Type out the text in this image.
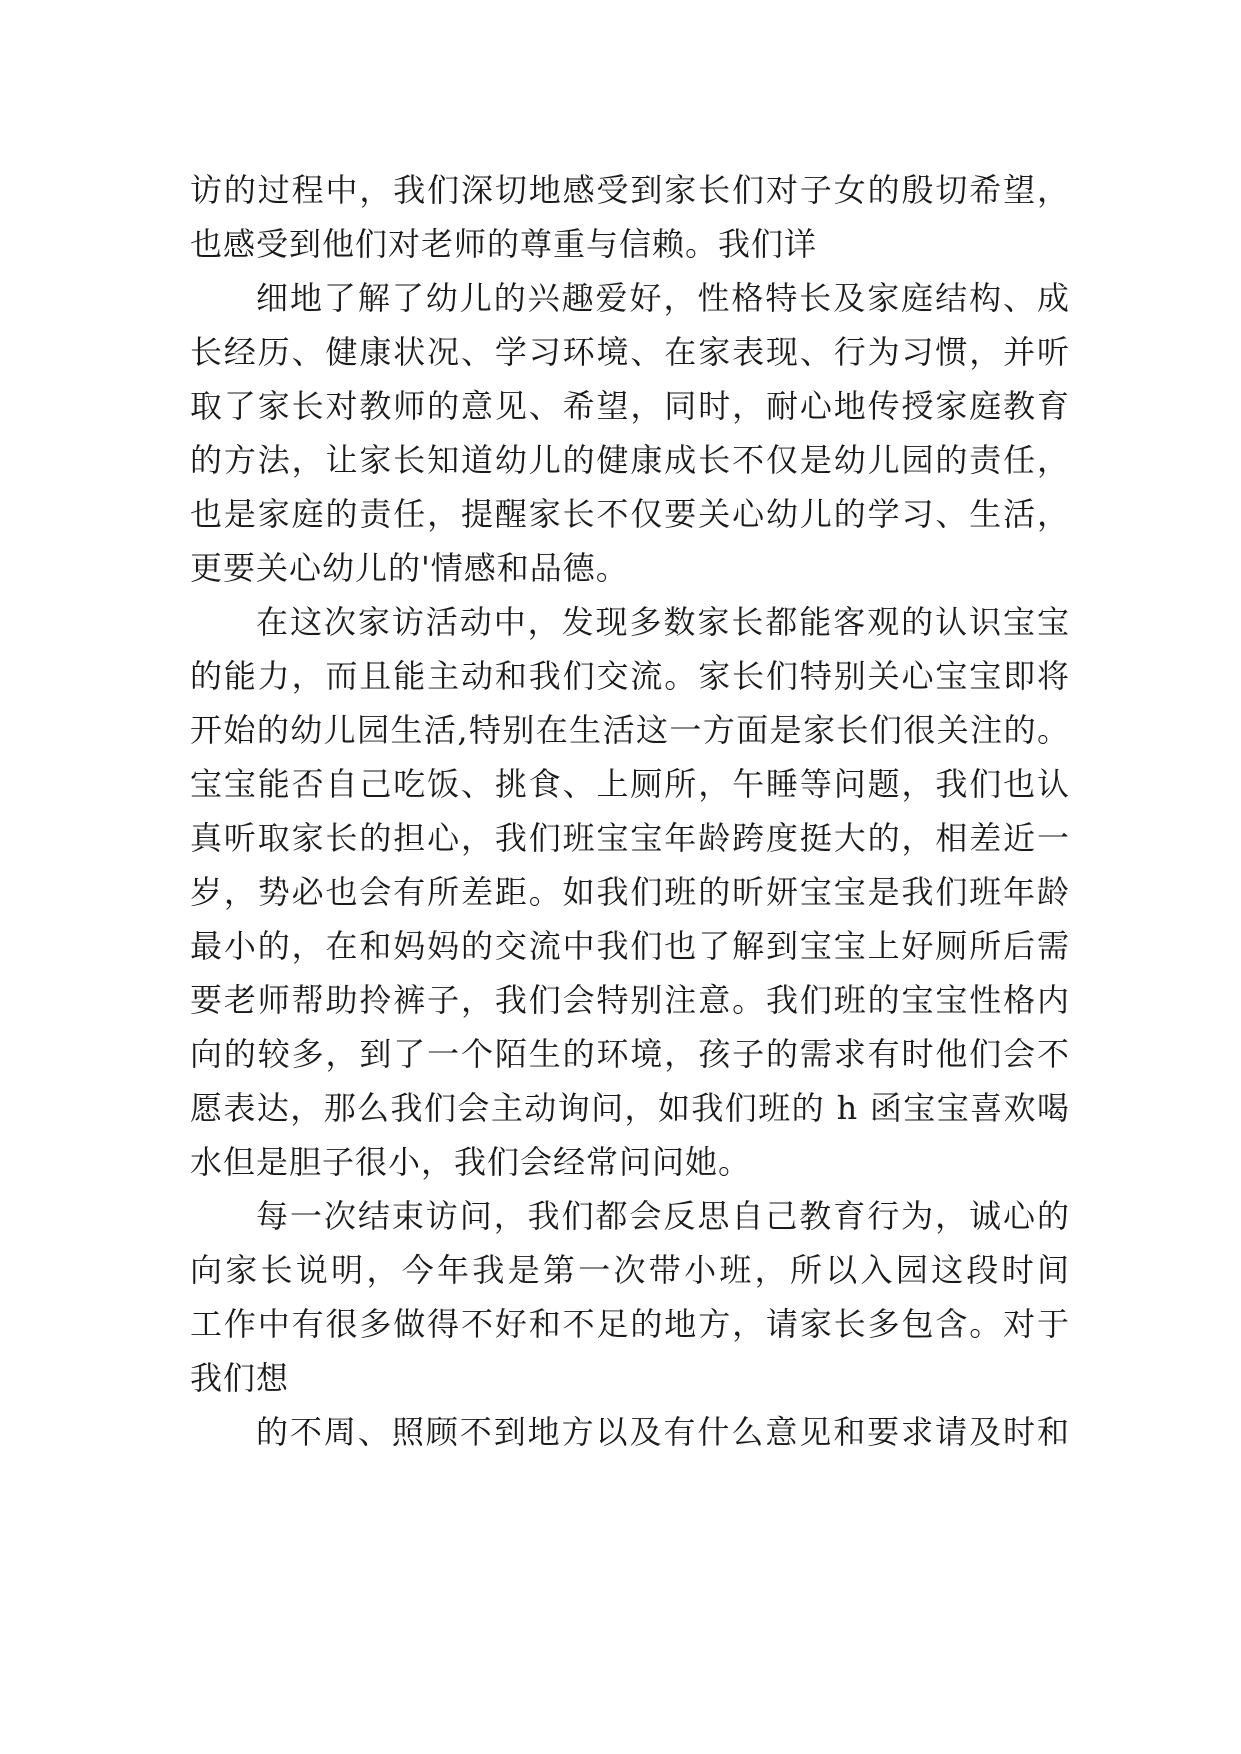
访的过程中，我们深切地感受到家长们对子女的殷切希望，
也感受到他们对老师的尊重与信赖。我们详
细地了解了幼儿的兴趣爱好，性格特长及家庭结构、成
长经历、健康状况、学习环境、在家表现、行为习惯，并听
取了家长对教师的意见、希望，同时，耐心地传授家庭教育
的方法，让家长知道幼儿的健康成长不仅是幼儿园的责任，
也是家庭的责任，提醒家长不仅要关心幼儿的学习、生活，
更要关心幼儿的'情感和品德。
在这次家访活动中，发现多数家长都能客观的认识宝宝
的能力，而且能主动和我们交流。家长们特别关心宝宝即将
开始的幼儿园生活,特别在生活这一方面是家长们很关注的。
宝宝能否自己吃饭、挑食、上厕所，午睡等问题，我们也认
真听取家长的担心，我们班宝宝年龄跨度挺大的，相差近一
岁，势必也会有所差距。如我们班的昕妍宝宝是我们班年龄
最小的，在和妈妈的交流中我们也了解到宝宝上好厕所后需
要老师帮助拎裤子，我们会特别注意。我们班的宝宝性格内
向的较多，到了一个陌生的环境，孩子的需求有时他们会不
愿表达，那么我们会主动询问，如我们班的 h 函宝宝喜欢喝
水但是胆子很小，我们会经常问问她。
每一次结束访问，我们都会反思自己教育行为，诚心的
向家长说明，今年我是第一次带小班，所以入园这段时间
工作中有很多做得不好和不足的地方，请家长多包含。对于
我们想
的不周、照顾不到地方以及有什么意见和要求请及时和
